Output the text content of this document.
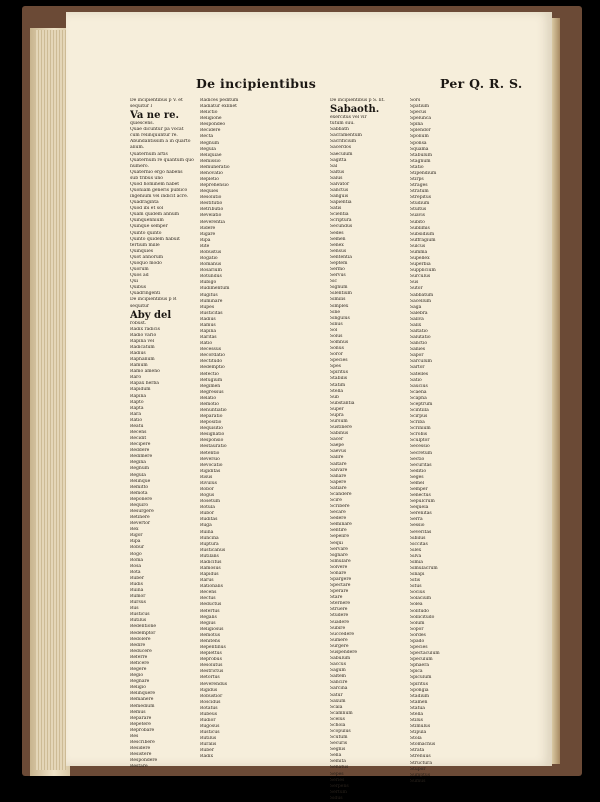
De incipientibus	Per Q. R. S.
De incipientibus p V. et
sequitur l
Va ne re.
quiescens.
Quae dicuntur pa vocat
cum relinquuntur re.
Abundantissim a in quarto
alium.
Quaternum artis
Quaternum re quantum quo
numero.
Quaternio ergo habens
sub tribus uno
Quod hominem habet
Quoniam generis publico
ingenium vel indicit acre.
Quadraginta
Quod ibi et sol
Quam quidem annum
Quinquennium
Quinque semper
Quinto quinto
Quinto quidem habuit
tertium mille
Quinquies
Quot annorum
Quoquo modo
Quorum
Quos ad
Qui
Quibus
Quadringenti
De incipientibus p R
sequitur
Aby del
robust.
Radix radicis
Radio vario
Rapina vel
Radicatum
Radius
Raphanum
Ramum
Ramo ameno
Raro
Rapax herba
Rapidum
Rapina
Rapto
Rapta
Rara
Ratio
Reatu
Recens
Recidit
Recipere
Reddere
Redimere
Regina
Regnum
Regula
Relinque
Remitto
Remota
Reponere
Requiro
Resurgere
Retinere
Revertor
Rex
Rigor
Ripa
Robur
Rogo
Roma
Rosa
Rota
Ruber
Rudis
Ruina
Rumor
Rursus
Rus
Rusticus
Rutilus
Redentione
Redemptor
Redolere
Redire
Reducere
Referre
Reficere
Regere
Regio
Regnare
Religio
Relinquere
Remanere
Remedium
Remus
Reparare
Repetere
Reprobare
Res
Rescribere
Residere
Resistere
Respondere
Restare
Radices peditum
Radiatur exlinet
Relictio
Religione
Respondeo
Recidere
Recta
Regnum
Regula
Reliquiae
Remissio
Remuneratio
Renovatio
Repletio
Reprehensio
Requies
Resolutio
Restitutio
Retributio
Revelatio
Reverentia
Ridere
Rigare
Ripa
Rite
Robustus
Rogatio
Romanus
Rosarium
Rotundus
Rubigo
Rudimentum
Rugitus
Ruminare
Rupes
Rusticitas
Radius
Ramus
Rapina
Raritas
Ratio
Recessus
Recordatio
Rectitudo
Redemptio
Refectio
Refugium
Regimen
Regressus
Relatio
Remotio
Renuntiatio
Reparatio
Repositio
Requisitio
Resignatio
Responsio
Restauratio
Retentio
Reversio
Revocatio
Rigiditas
Risus
Rivulus
Robor
Rogus
Rosetum
Rotula
Rubor
Ruditas
Ruga
Ruina
Runcina
Ruptura
Rusticanus
Rutilans
Radicitus
Ramosus
Rapidus
Rarus
Rationalis
Recens
Rectus
Reductus
Refertus
Regalis
Regius
Religiosus
Remotus
Renitens
Repentinus
Replettus
Reprobus
Resolutus
Restrictus
Retortus
Reverendus
Rigidus
Robustior
Roscidus
Rotatus
Rubeus
Rudior
Rugosus
Rusticus
Rutilus
Ruralis
Ruber
Radix
De incipientibus p S. lit.
Sabaoth.
exercitus vel vir
tutum suu.
Sabbath
Sacramentum
Sacrificium
Sacerdos
Saeculum
Sagitta
Sal
Saltus
Salus
Salvator
Sanctus
Sanguis
Sapientia
Satis
Scientia
Scriptura
Secundus
Sedes
Semen
Senex
Sensus
Sententia
Septem
Sermo
Servus
Sic
Signum
Silentium
Similis
Simplex
Sine
Singulus
Sinus
Sol
Solus
Somnus
Sonus
Soror
Species
Spes
Spiritus
Stabilis
Statim
Stella
Sub
Substantia
Super
Supra
Sursum
Sustinere
Sabinus
Sacer
Saepe
Saevus
Salire
Saltare
Salvare
Sanare
Sapere
Satiare
Scandere
Scire
Scribere
Secare
Sedere
Seminare
Sentire
Sepelire
Sequi
Servare
Signare
Simulare
Solvere
Sonare
Spargere
Spectare
Sperare
Stare
Sternere
Struere
Studere
Suadere
Subire
Succedere
Sumere
Surgere
Suspendere
Sabulum
Saccus
Sagum
Saltem
Sancire
Sarcina
Satur
Saxum
Scala
Scamnum
Scelus
Schola
Scopulus
Scutum
Securis
Segnis
Sella
Semita
Senatus
Sepes
Series
Serpens
Sertum
Sidus
Sors
Spatium
Specus
Spelunca
Spina
Splendor
Spolium
Sponsa
Squama
Stabulum
Stagnum
Statio
Stipendium
Stirps
Strages
Stratum
Strepitus
Studium
Stultus
Suavis
Subito
Sublimis
Subsidium
Suffragium
Sulcus
Summa
Supellex
Superbia
Supplicium
Surculus
Sus
Sutor
Sabbatum
Sacellum
Saga
Salebra
Saliva
Salix
Saltatio
Salutatio
Sanctio
Sanies
Sapor
Sarculum
Sartor
Satelles
Satio
Saucius
Scaena
Scapha
Sceptrum
Scintilla
Scirpus
Scriba
Scrinium
Scrobis
Sculptor
Secessio
Secretum
Sectio
Securitas
Seditio
Seges
Semel
Semper
Senectus
Sepulcrum
Sequela
Serenitas
Serra
Sessio
Severitas
Sibilus
Siccitas
Silex
Silva
Simia
Simulacrum
Sinapi
Sitis
Situs
Socius
Solacium
Solea
Solitudo
Sollicitudo
Solum
Sopor
Sordes
Spado
Species
Spectaculum
Speculum
Sphaera
Spica
Spiculum
Spiritus
Spongia
Stadium
Stamen
Statua
Stella
Stilus
Stimulus
Stipula
Stola
Stomachus
Strata
Strenuus
Structura
Stupor
Sumptus
Sumus
